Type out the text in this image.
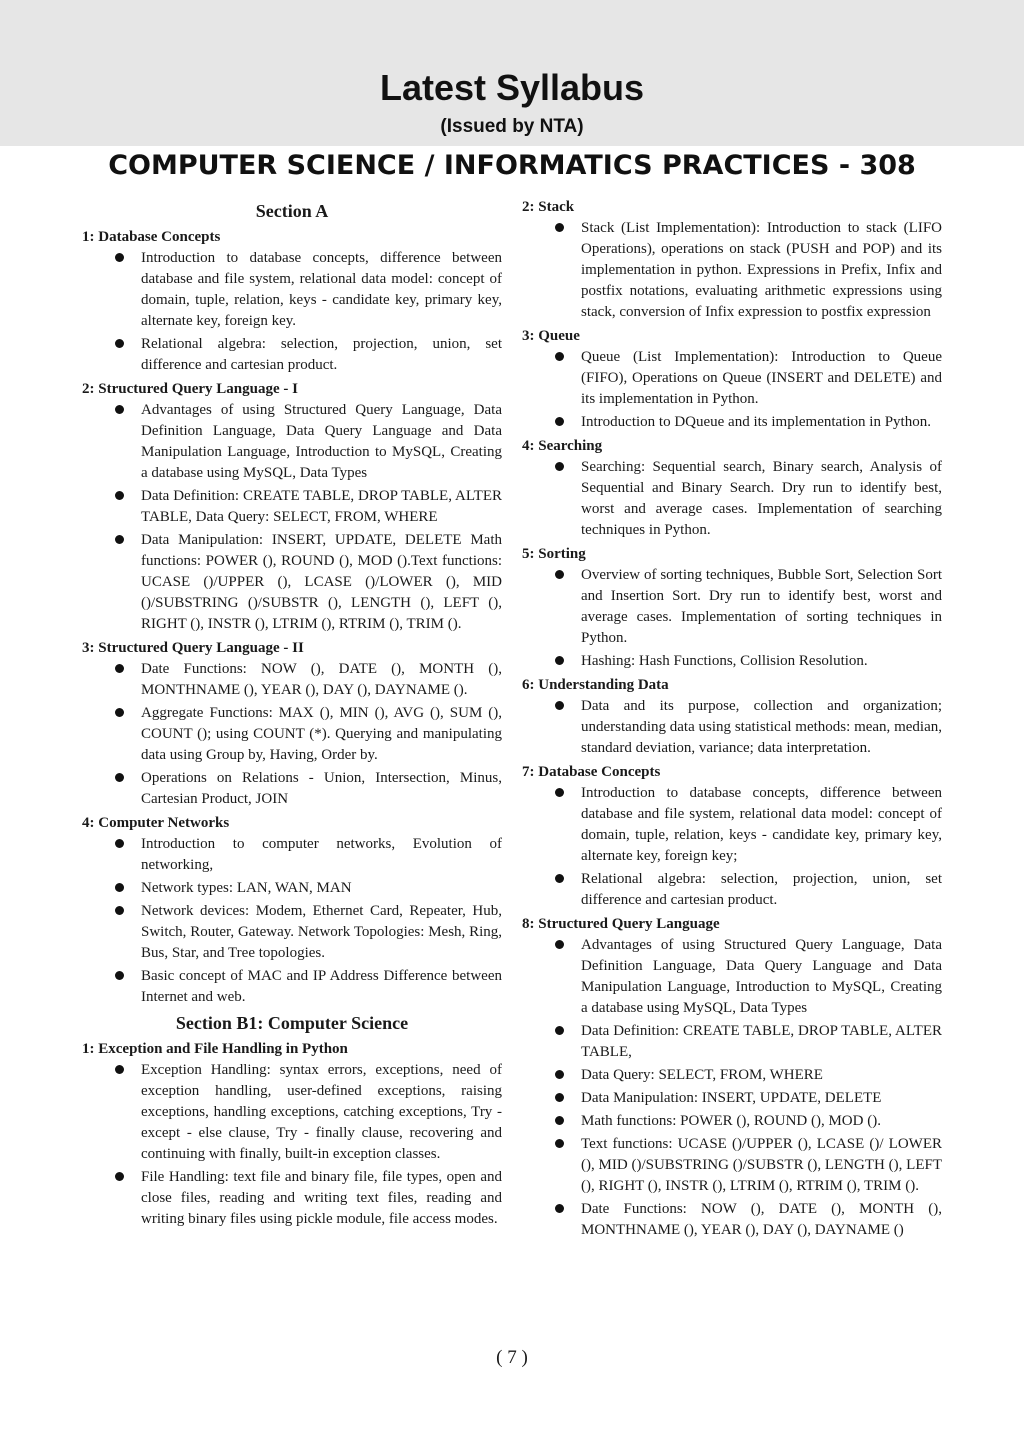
Latest Syllabus
(Issued by NTA)
COMPUTER SCIENCE / INFORMATICS PRACTICES - 308
Section A
1: Database Concepts
Introduction to database concepts, difference between database and file system, relational data model: concept of domain, tuple, relation, keys - candidate key, primary key, alternate key, foreign key.
Relational algebra: selection, projection, union, set difference and cartesian product.
2: Structured Query Language - I
Advantages of using Structured Query Language, Data Definition Language, Data Query Language and Data Manipulation Language, Introduction to MySQL, Creating a database using MySQL, Data Types
Data Definition: CREATE TABLE, DROP TABLE, ALTER TABLE, Data Query: SELECT, FROM, WHERE
Data Manipulation: INSERT, UPDATE, DELETE Math functions: POWER (), ROUND (), MOD ().Text functions: UCASE ()/UPPER (), LCASE ()/LOWER (), MID ()/SUBSTRING ()/SUBSTR (), LENGTH (), LEFT (), RIGHT (), INSTR (), LTRIM (), RTRIM (), TRIM ().
3: Structured Query Language - II
Date Functions: NOW (), DATE (), MONTH (), MONTHNAME (), YEAR (), DAY (), DAYNAME ().
Aggregate Functions: MAX (), MIN (), AVG (), SUM (), COUNT (); using COUNT (*). Querying and manipulating data using Group by, Having, Order by.
Operations on Relations - Union, Intersection, Minus, Cartesian Product, JOIN
4: Computer Networks
Introduction to computer networks, Evolution of networking,
Network types: LAN, WAN, MAN
Network devices: Modem, Ethernet Card, Repeater, Hub, Switch, Router, Gateway. Network Topologies: Mesh, Ring, Bus, Star, and Tree topologies.
Basic concept of MAC and IP Address Difference between Internet and web.
Section B1: Computer Science
1: Exception and File Handling in Python
Exception Handling: syntax errors, exceptions, need of exception handling, user-defined exceptions, raising exceptions, handling exceptions, catching exceptions, Try - except - else clause, Try - finally clause, recovering and continuing with finally, built-in exception classes.
File Handling: text file and binary file, file types, open and close files, reading and writing text files, reading and writing binary files using pickle module, file access modes.
2: Stack
Stack (List Implementation): Introduction to stack (LIFO Operations), operations on stack (PUSH and POP) and its implementation in python. Expressions in Prefix, Infix and postfix notations, evaluating arithmetic expressions using stack, conversion of Infix expression to postfix expression
3: Queue
Queue (List Implementation): Introduction to Queue (FIFO), Operations on Queue (INSERT and DELETE) and its implementation in Python.
Introduction to DQueue and its implementation in Python.
4: Searching
Searching: Sequential search, Binary search, Analysis of Sequential and Binary Search. Dry run to identify best, worst and average cases. Implementation of searching techniques in Python.
5: Sorting
Overview of sorting techniques, Bubble Sort, Selection Sort and Insertion Sort. Dry run to identify best, worst and average cases. Implementation of sorting techniques in Python.
Hashing: Hash Functions, Collision Resolution.
6: Understanding Data
Data and its purpose, collection and organization; understanding data using statistical methods: mean, median, standard deviation, variance; data interpretation.
7: Database Concepts
Introduction to database concepts, difference between database and file system, relational data model: concept of domain, tuple, relation, keys - candidate key, primary key, alternate key, foreign key;
Relational algebra: selection, projection, union, set difference and cartesian product.
8: Structured Query Language
Advantages of using Structured Query Language, Data Definition Language, Data Query Language and Data Manipulation Language, Introduction to MySQL, Creating a database using MySQL, Data Types
Data Definition: CREATE TABLE, DROP TABLE, ALTER TABLE,
Data Query: SELECT, FROM, WHERE
Data Manipulation: INSERT, UPDATE, DELETE
Math functions: POWER (), ROUND (), MOD ().
Text functions: UCASE ()/UPPER (), LCASE ()/ LOWER (), MID ()/SUBSTRING ()/SUBSTR (), LENGTH (), LEFT (), RIGHT (), INSTR (), LTRIM (), RTRIM (), TRIM ().
Date Functions: NOW (), DATE (), MONTH (), MONTHNAME (), YEAR (), DAY (), DAYNAME ()
( 7 )
